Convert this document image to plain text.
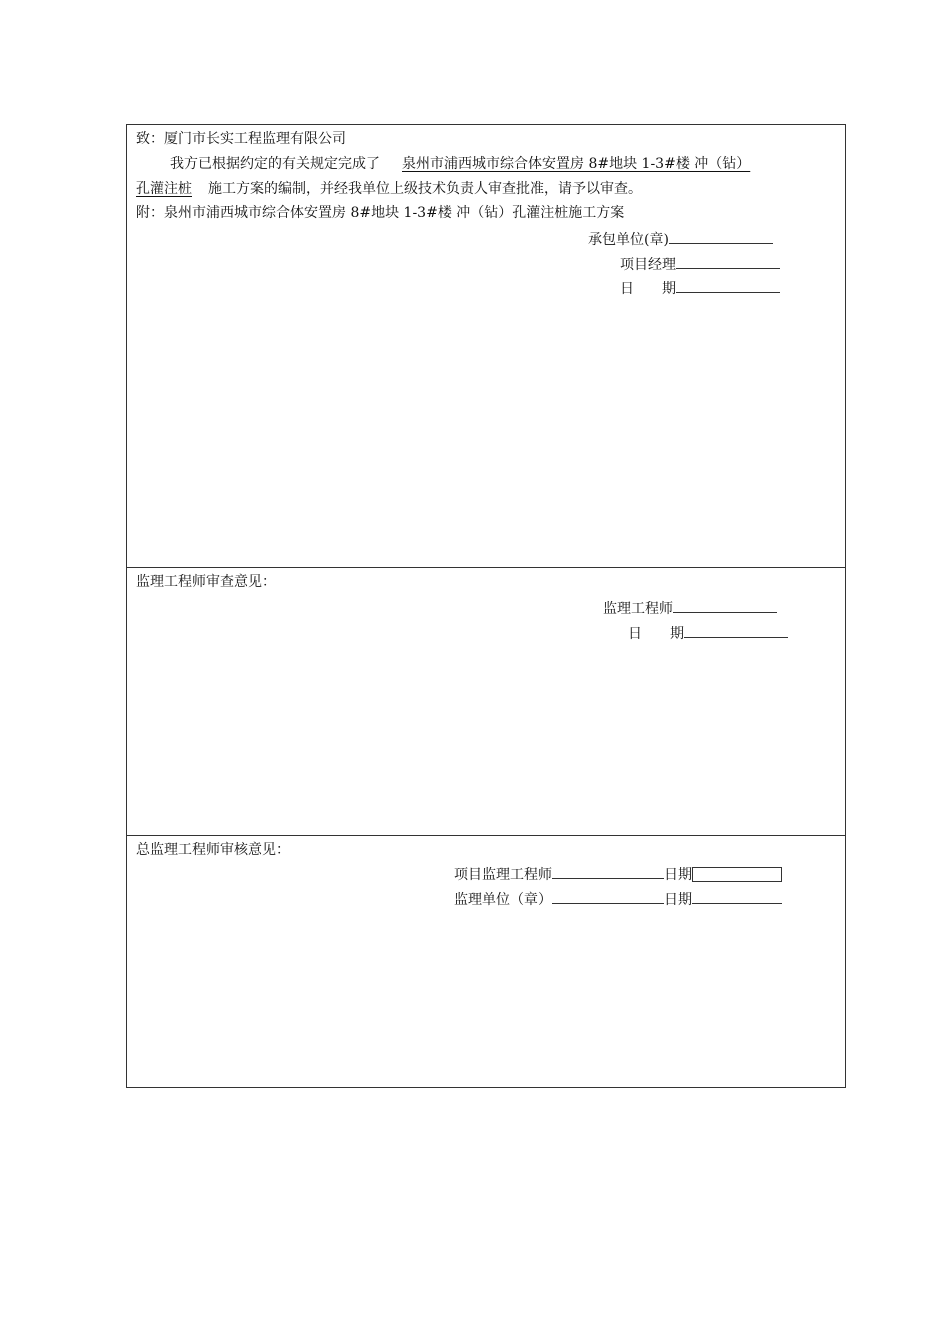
致：厦门市长实工程监理有限公司
我方已根据约定的有关规定完成了 泉州市浦西城市综合体安置房 8#地块 1-3#楼 冲（钻）
孔灌注桩 施工方案的编制，并经我单位上级技术负责人审查批准，请予以审查。
附：泉州市浦西城市综合体安置房 8#地块 1-3#楼 冲（钻）孔灌注桩施工方案
承包单位(章)
项目经理
日　　期
监理工程师审查意见：
监理工程师
日　　期
总监理工程师审核意见：
项目监理工程师	日期
监理单位（章）	日期
